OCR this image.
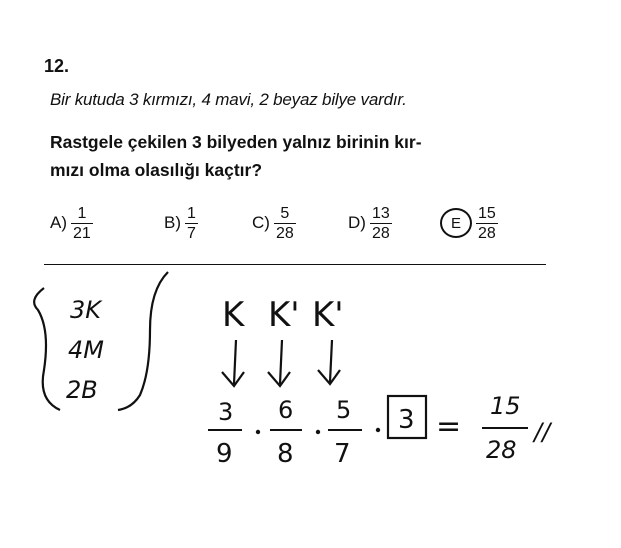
12.
Bir kutuda 3 kırmızı, 4 mavi, 2 beyaz bilye vardır.
Rastgele çekilen 3 bilyeden yalnız birinin kır-
mızı olma olasılığı kaçtır?
$A) \frac{1}{21}$	$B) \frac{1}{7}$	$C) \frac{5}{28}$	$D) \frac{13}{28}$	E $\frac{15}{28}$
3K
4M
2B
K K' K'
3
9
6
8
5
7
3 =
15
28
//
